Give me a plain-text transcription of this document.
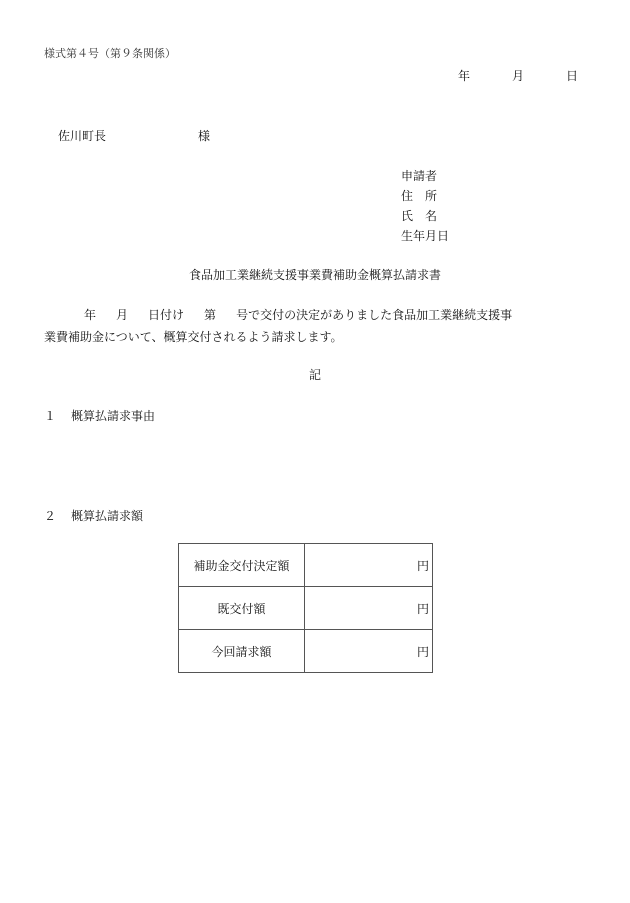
様式第４号（第９条関係）
年	月	日
佐川町長	様
申請者
住　所
氏　名
生年月日
食品加工業継続支援事業費補助金概算払請求書
年 月 日付け 第 号で交付の決定がありました食品加工業継続支援事
業費補助金について、概算交付されるよう請求します。
記
１ 概算払請求事由
２ 概算払請求額
補助金交付決定額	円
既交付額	円
今回請求額	円
